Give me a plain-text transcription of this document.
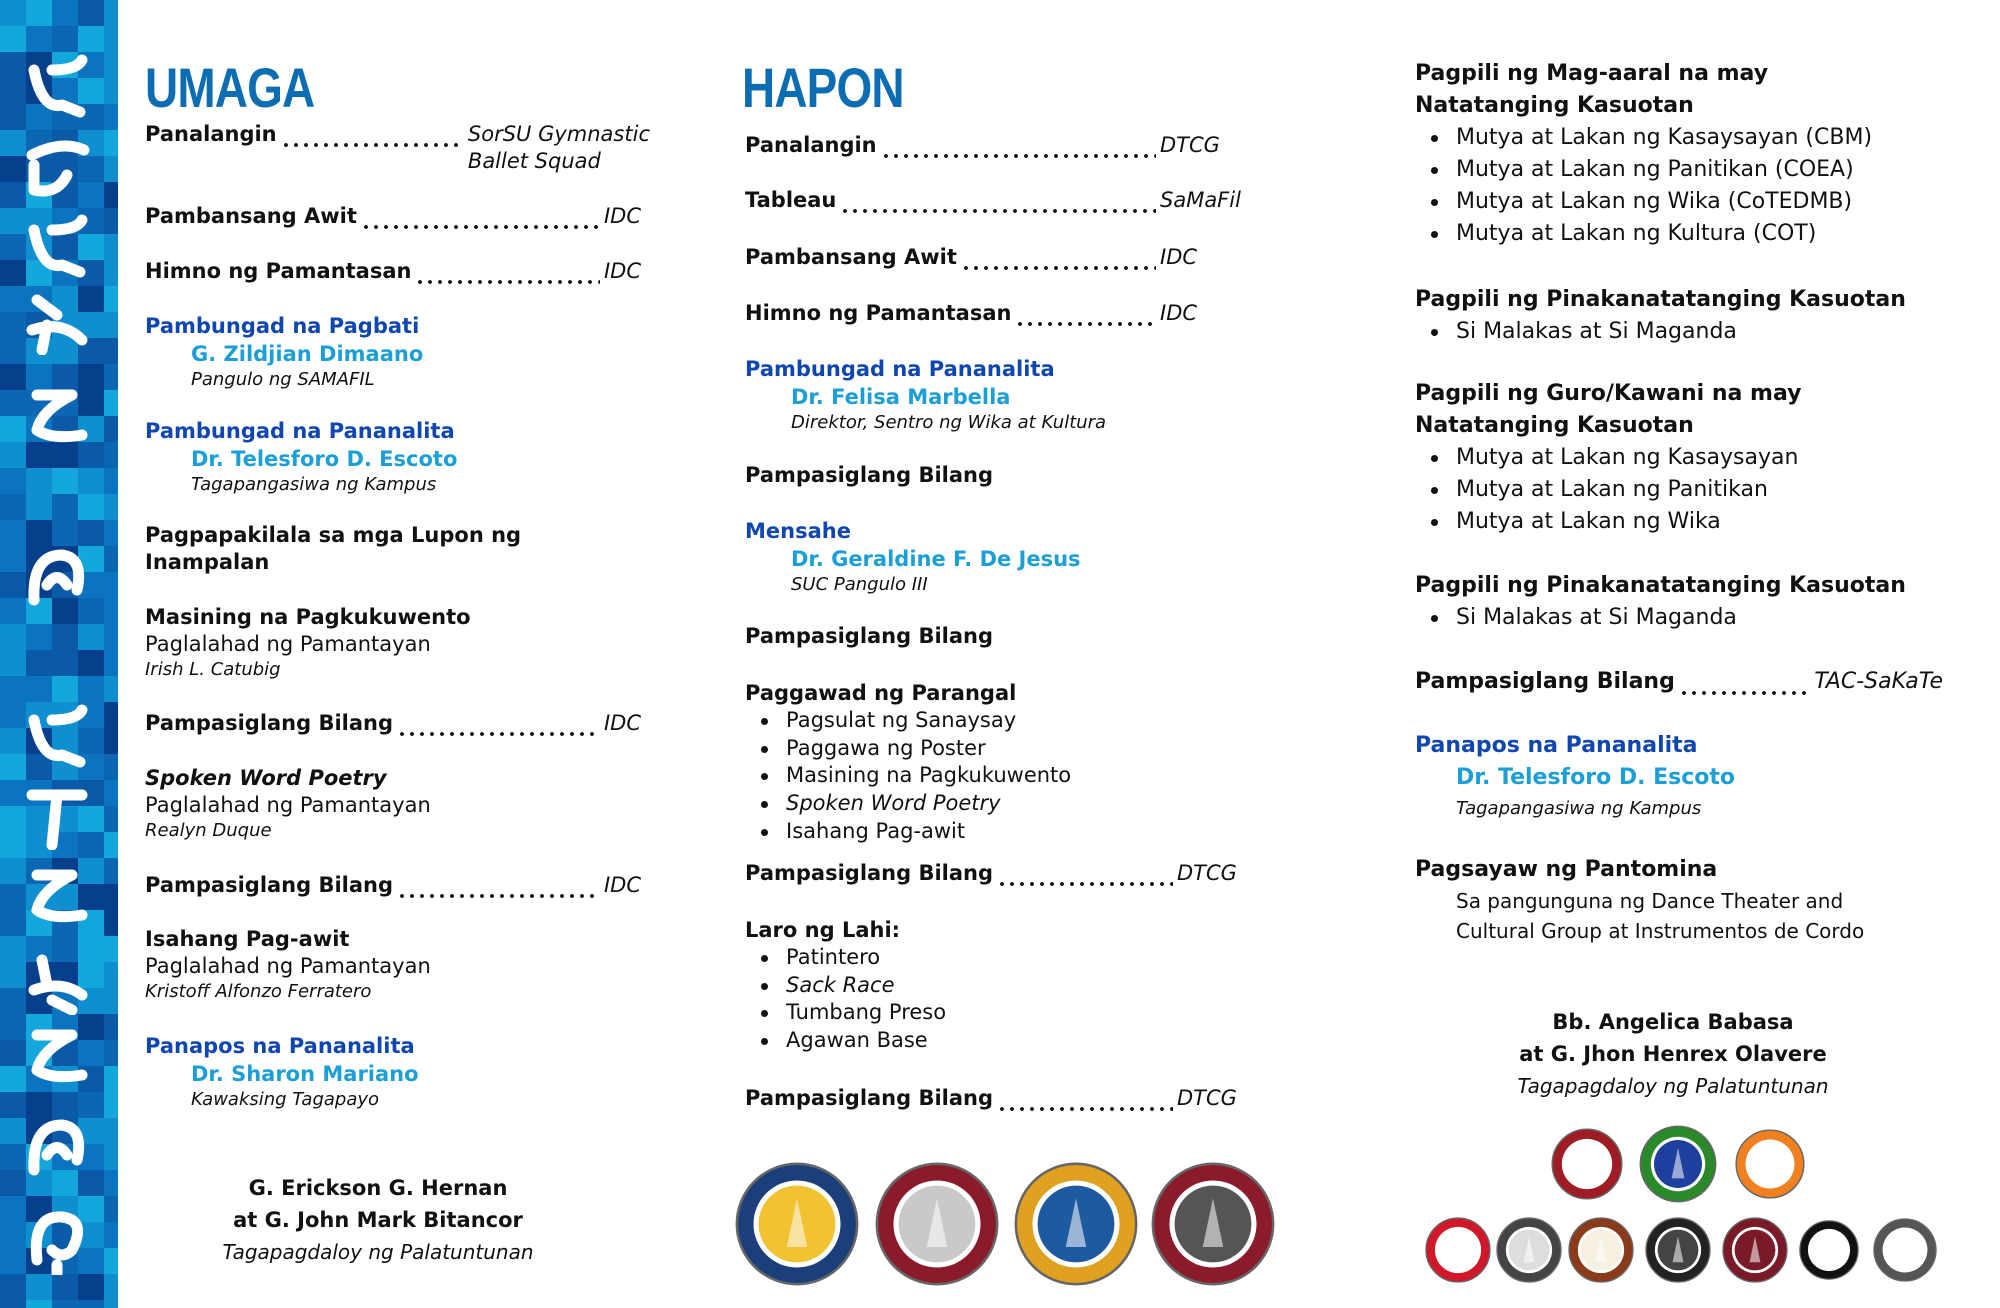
UMAGA
Panalangin	SorSU Gymnastic
Ballet Squad
Pambansang Awit	IDC
Himno ng Pamantasan	IDC
Pambungad na Pagbati
G. Zildjian Dimaano
Pangulo ng SAMAFIL
Pambungad na Pananalita
Dr. Telesforo D. Escoto
Tagapangasiwa ng Kampus
Pagpapakilala sa mga Lupon ng
Inampalan
Masining na Pagkukuwento
Paglalahad ng Pamantayan
Irish L. Catubig
Pampasiglang Bilang	IDC
Spoken Word Poetry
Paglalahad ng Pamantayan
Realyn Duque
Pampasiglang Bilang	IDC
Isahang Pag-awit
Paglalahad ng Pamantayan
Kristoff Alfonzo Ferratero
Panapos na Pananalita
Dr. Sharon Mariano
Kawaksing Tagapayo
G. Erickson G. Hernan
at G. John Mark Bitancor
Tagapagdaloy ng Palatuntunan
HAPON
Panalangin	DTCG
Tableau	SaMaFil
Pambansang Awit	IDC
Himno ng Pamantasan	IDC
Pambungad na Pananalita
Dr. Felisa Marbella
Direktor, Sentro ng Wika at Kultura
Pampasiglang Bilang
Mensahe
Dr. Geraldine F. De Jesus
SUC Pangulo III
Pampasiglang Bilang
Paggawad ng Parangal
Pagsulat ng Sanaysay
Paggawa ng Poster
Masining na Pagkukuwento
Spoken Word Poetry
Isahang Pag-awit
Pampasiglang Bilang	DTCG
Laro ng Lahi:
Patintero
Sack Race
Tumbang Preso
Agawan Base
Pampasiglang Bilang	DTCG
Pagpili ng Mag-aaral na may
Natatanging Kasuotan
Mutya at Lakan ng Kasaysayan (CBM)
Mutya at Lakan ng Panitikan (COEA)
Mutya at Lakan ng Wika (CoTEDMB)
Mutya at Lakan ng Kultura (COT)
Pagpili ng Pinakanatatanging Kasuotan
Si Malakas at Si Maganda
Pagpili ng Guro/Kawani na may
Natatanging Kasuotan
Mutya at Lakan ng Kasaysayan
Mutya at Lakan ng Panitikan
Mutya at Lakan ng Wika
Pagpili ng Pinakanatatanging Kasuotan
Si Malakas at Si Maganda
Pampasiglang Bilang	TAC-SaKaTe
Panapos na Pananalita
Dr. Telesforo D. Escoto
Tagapangasiwa ng Kampus
Pagsayaw ng Pantomina
Sa pangunguna ng Dance Theater and
Cultural Group at Instrumentos de Cordo
Bb. Angelica Babasa
at G. Jhon Henrex Olavere
Tagapagdaloy ng Palatuntunan
